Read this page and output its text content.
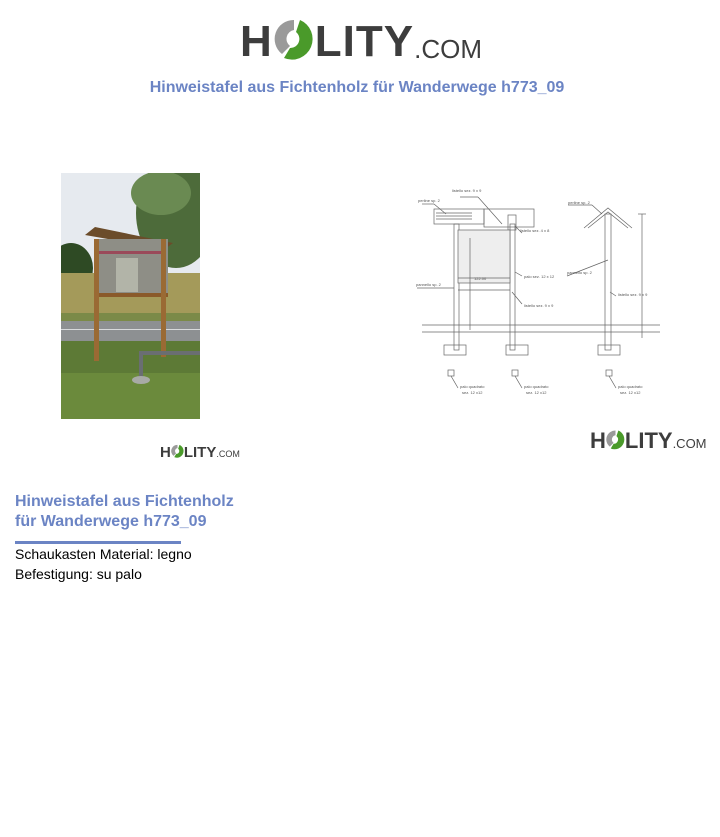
H LITY .COM
Hinweistafel aus Fichtenholz für Wanderwege h773_09
H LITY .COM
listello sez. 9 x 9
perline sp. 2
listello sez. 4 x 8
pannello sp. 2
palo sez. 12 x 12
listello sez. 9 x 9
perline sp. 2
pannello sp. 2
listello sez. 9 x 9
122.00
palo quadrato
sez. 12 x12
palo quadrato
sez. 12 x12
palo quadrato
sez. 12 x12
H LITY .COM
Hinweistafel aus Fichtenholz
für Wanderwege h773_09
Schaukasten Material: legno
Befestigung: su palo
